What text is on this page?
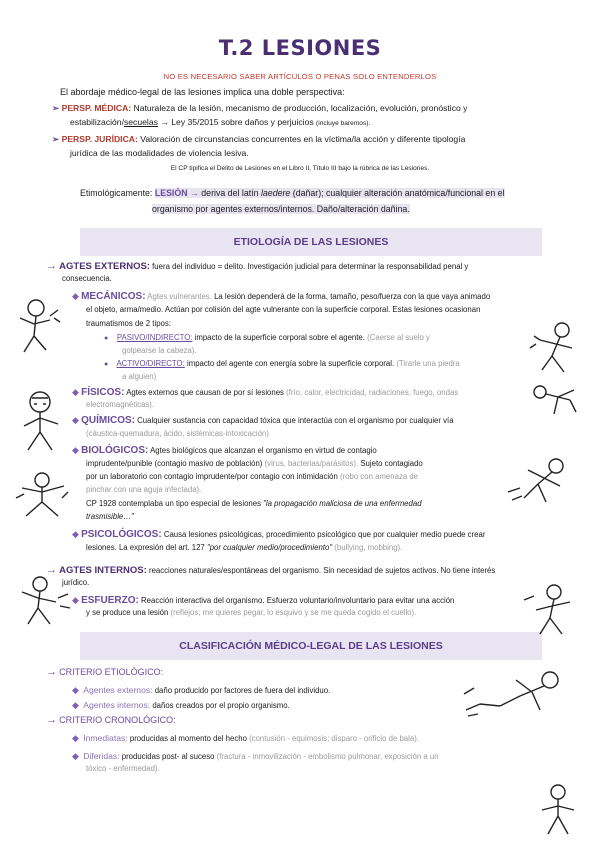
T.2 LESIONES
NO ES NECESARIO SABER ARTÍCULOS O PENAS SOLO ENTENDERLOS
El abordaje médico-legal de las lesiones implica una doble perspectiva:
➢ PERSP. MÉDICA: Naturaleza de la lesión, mecanismo de producción, localización, evolución, pronóstico y
estabilización/secuelas → Ley 35/2015 sobre daños y perjuicios (incluye baremos).
➢ PERSP. JURÍDICA: Valoración de circunstancias concurrentes en la víctima/la acción y diferente tipología
jurídica de las modalidades de violencia lesiva.
El CP tipifica el Delito de Lesiones en el Libro II, Título III bajo la rúbrica de las Lesiones.
Etimológicamente: LESIÓN → deriva del latín laedere (dañar); cualquier alteración anatómica/funcional en el
organismo por agentes externos/internos. Daño/alteración dañina.
ETIOLOGÍA DE LAS LESIONES
→ AGTES EXTERNOS: fuera del individuo = delito. Investigación judicial para determinar la responsabilidad penal y
consecuencia.
◆ MECÁNICOS: Agtes vulnerantes. La lesión dependerá de la forma, tamaño, peso/fuerza con la que vaya animado
el objeto, arma/medio. Actúan por colisión del agte vulnerante con la superficie corporal. Estas lesiones ocasionan
traumatismos de 2 tipos:
● PASIVO/INDIRECTO: impacto de la superficie corporal sobre el agente. (Caerse al suelo y
golpearse la cabeza).
● ACTIVO/DIRECTO: impacto del agente con energía sobre la superficie corporal. (Tirarle una piedra
a alguien)
◆ FÍSICOS: Agtes externos que causan de por sí lesiones (frío, calor, electricidad, radiaciones, fuego, ondas
electromagnéticas).
◆ QUÍMICOS: Cualquier sustancia con capacidad tóxica que interactúa con el organismo por cualquier vía
(cáustica-quemadura, ácido, sistémicas-intoxicación)
◆ BIOLÓGICOS: Agtes biológicos que alcanzan el organismo en virtud de contagio
imprudente/punible (contagio masivo de población) (virus, bacterias/parásitos). Sujeto contagiado
por un laboratorio con contagio imprudente/por contagio con intimidación (robo con amenaza de
pinchar con una aguja infectada).
CP 1928 contemplaba un tipo especial de lesiones "la propagación maliciosa de una enfermedad
trasmisible…"
◆ PSICOLÓGICOS: Causa lesiones psicológicas, procedimiento psicológico que por cualquier medio puede crear
lesiones. La expresión del art. 127 "por cualquier medio/procedimiento" (bullying, mobbing).
→ AGTES INTERNOS: reacciones naturales/espontáneas del organismo. Sin necesidad de sujetos activos. No tiene interés
jurídico.
◆ ESFUERZO: Reacción interactiva del organismo. Esfuerzo voluntario/involuntario para evitar una acción
y se produce una lesión (reflejos; me quieres pegar, lo esquivo y se me queda cogido el cuello).
CLASIFICACIÓN MÉDICO-LEGAL DE LAS LESIONES
→ CRITERIO ETIOLÓGICO:
◆ Agentes externos: daño producido por factores de fuera del individuo.
◆ Agentes internos: daños creados por el propio organismo.
→ CRITERIO CRONOLÓGICO:
◆ Inmediatas: producidas al momento del hecho (contusión - equimosis; disparo - orificio de bala).
◆ Diferidas: producidas post- al suceso (fractura - inmovilización - embolismo pulmonar, exposición a un
tóxico - enfermedad).
